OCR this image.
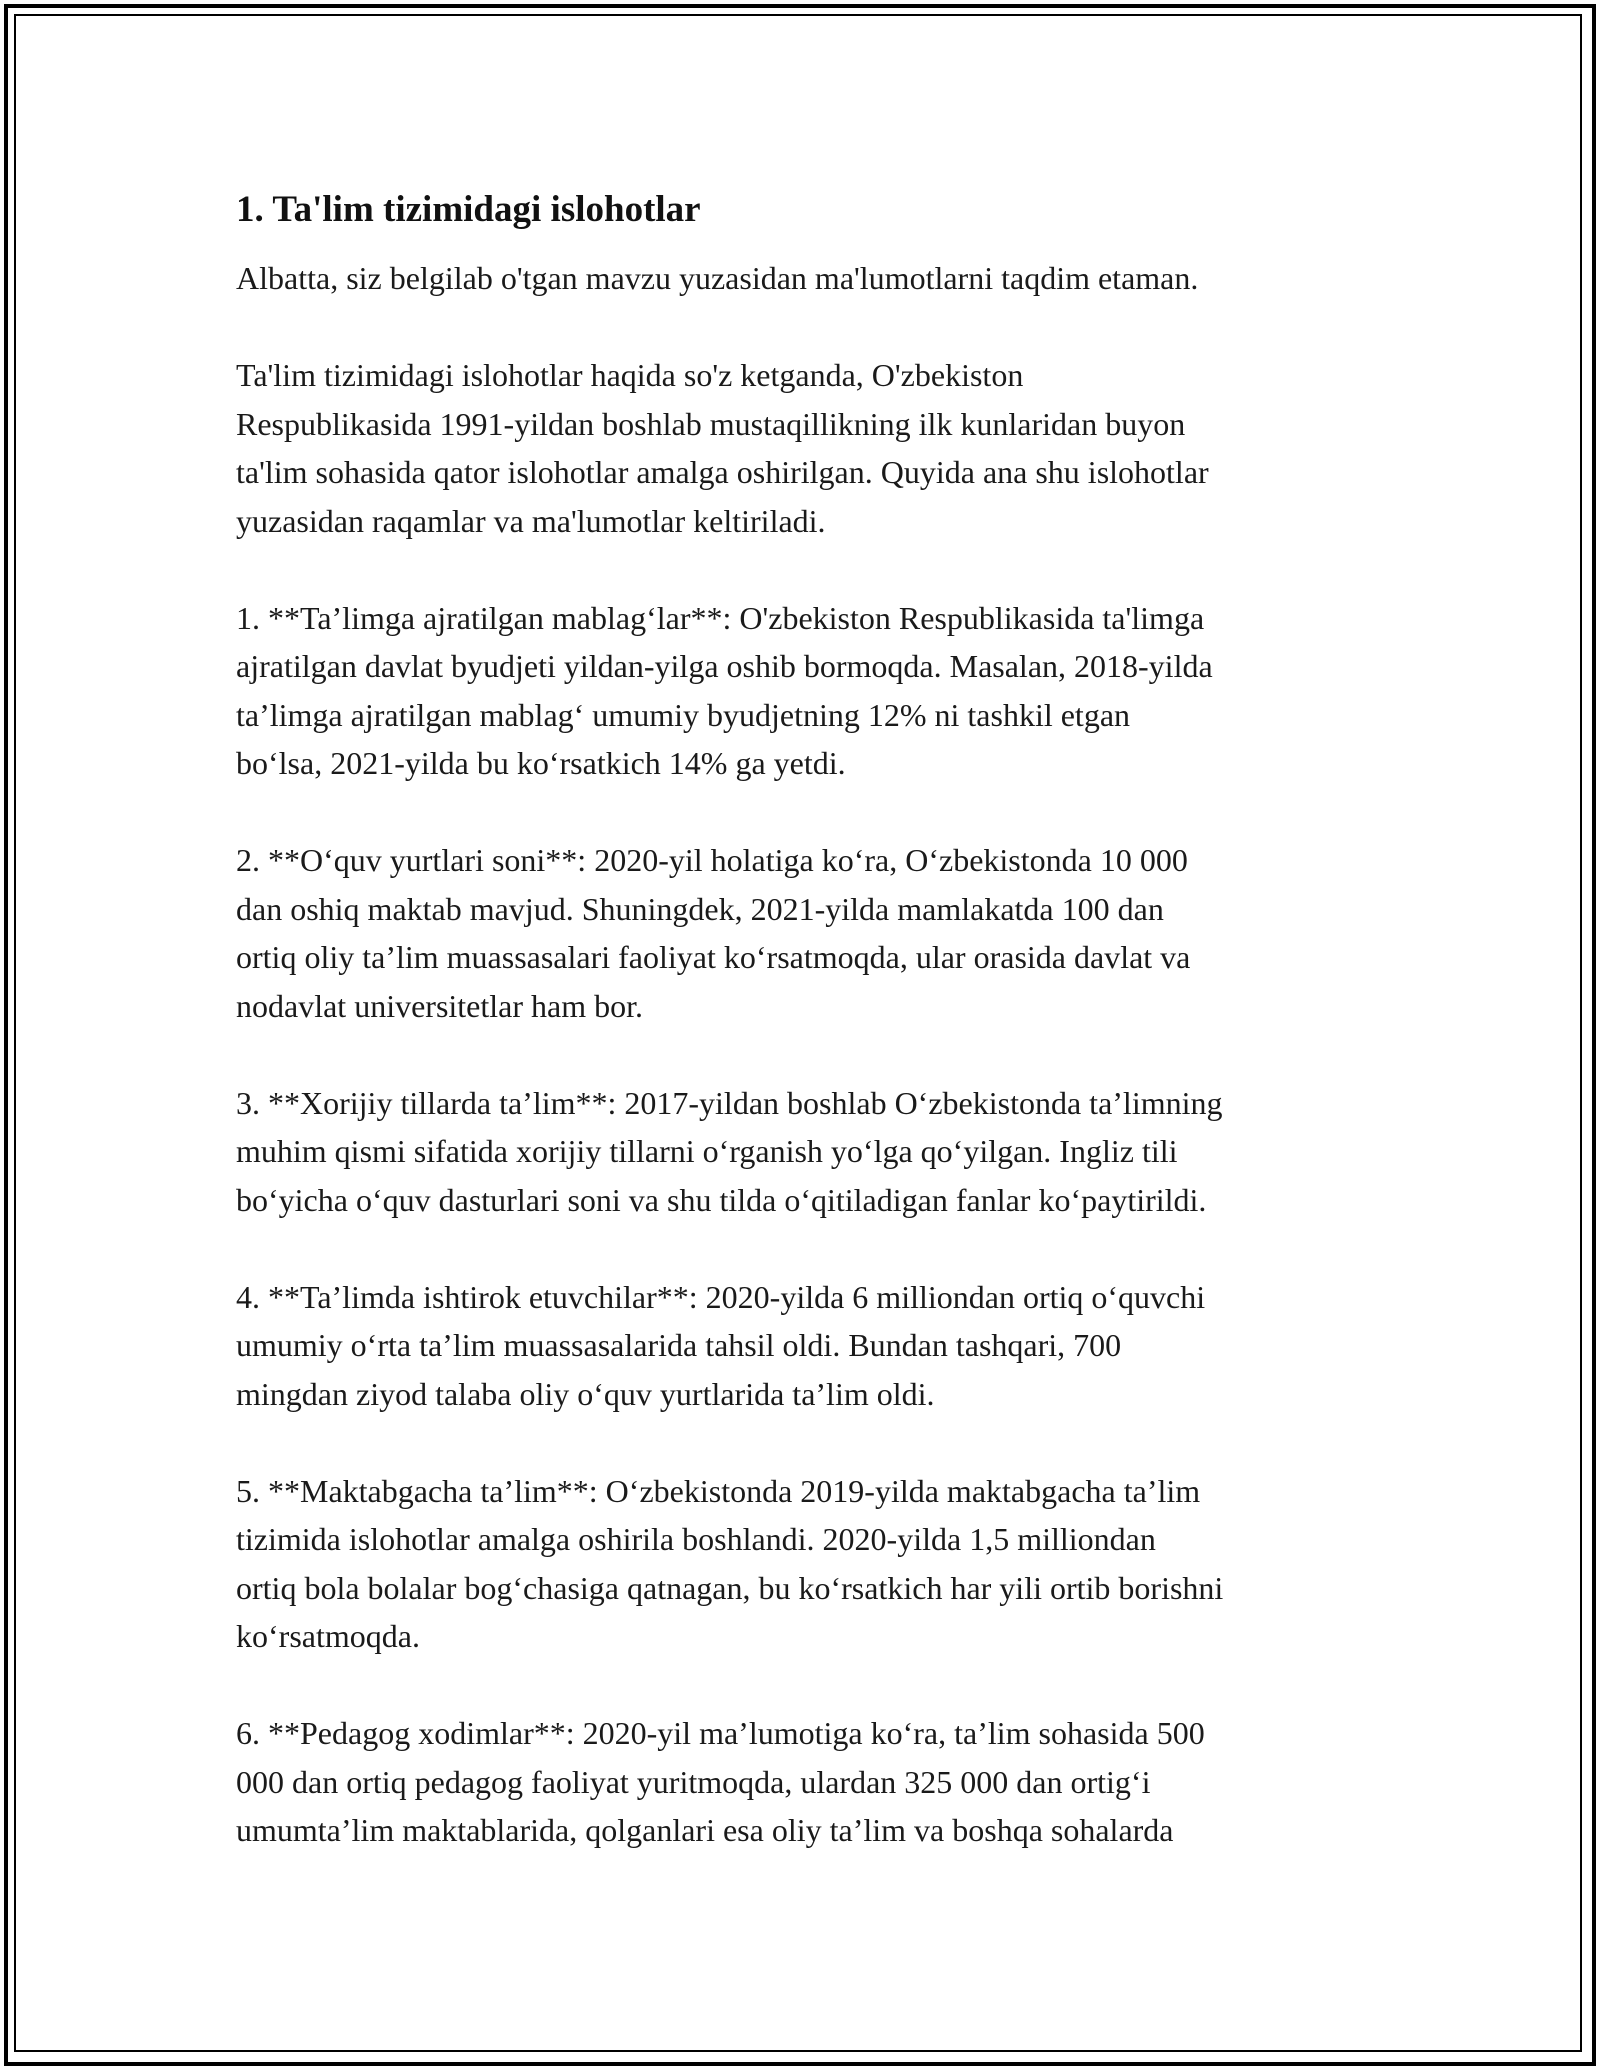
1. Ta'lim tizimidagi islohotlar

Albatta, siz belgilab o'tgan mavzu yuzasidan ma'lumotlarni taqdim etaman.

Ta'lim tizimidagi islohotlar haqida so'z ketganda, O'zbekiston
Respublikasida 1991-yildan boshlab mustaqillikning ilk kunlaridan buyon
ta'lim sohasida qator islohotlar amalga oshirilgan. Quyida ana shu islohotlar
yuzasidan raqamlar va ma'lumotlar keltiriladi.

1. **Ta’limga ajratilgan mablag‘lar**: O'zbekiston Respublikasida ta'limga
ajratilgan davlat byudjeti yildan-yilga oshib bormoqda. Masalan, 2018-yilda
ta’limga ajratilgan mablag‘ umumiy byudjetning 12% ni tashkil etgan
bo‘lsa, 2021-yilda bu ko‘rsatkich 14% ga yetdi.

2. **O‘quv yurtlari soni**: 2020-yil holatiga ko‘ra, O‘zbekistonda 10 000
dan oshiq maktab mavjud. Shuningdek, 2021-yilda mamlakatda 100 dan
ortiq oliy ta’lim muassasalari faoliyat ko‘rsatmoqda, ular orasida davlat va
nodavlat universitetlar ham bor.

3. **Xorijiy tillarda ta’lim**: 2017-yildan boshlab O‘zbekistonda ta’limning
muhim qismi sifatida xorijiy tillarni o‘rganish yo‘lga qo‘yilgan. Ingliz tili
bo‘yicha o‘quv dasturlari soni va shu tilda o‘qitiladigan fanlar ko‘paytirildi.

4. **Ta’limda ishtirok etuvchilar**: 2020-yilda 6 milliondan ortiq o‘quvchi
umumiy o‘rta ta’lim muassasalarida tahsil oldi. Bundan tashqari, 700
mingdan ziyod talaba oliy o‘quv yurtlarida ta’lim oldi.

5. **Maktabgacha ta’lim**: O‘zbekistonda 2019-yilda maktabgacha ta’lim
tizimida islohotlar amalga oshirila boshlandi. 2020-yilda 1,5 milliondan
ortiq bola bolalar bog‘chasiga qatnagan, bu ko‘rsatkich har yili ortib borishni
ko‘rsatmoqda.

6. **Pedagog xodimlar**: 2020-yil ma’lumotiga ko‘ra, ta’lim sohasida 500
000 dan ortiq pedagog faoliyat yuritmoqda, ulardan 325 000 dan ortig‘i
umumta’lim maktablarida, qolganlari esa oliy ta’lim va boshqa sohalarda
